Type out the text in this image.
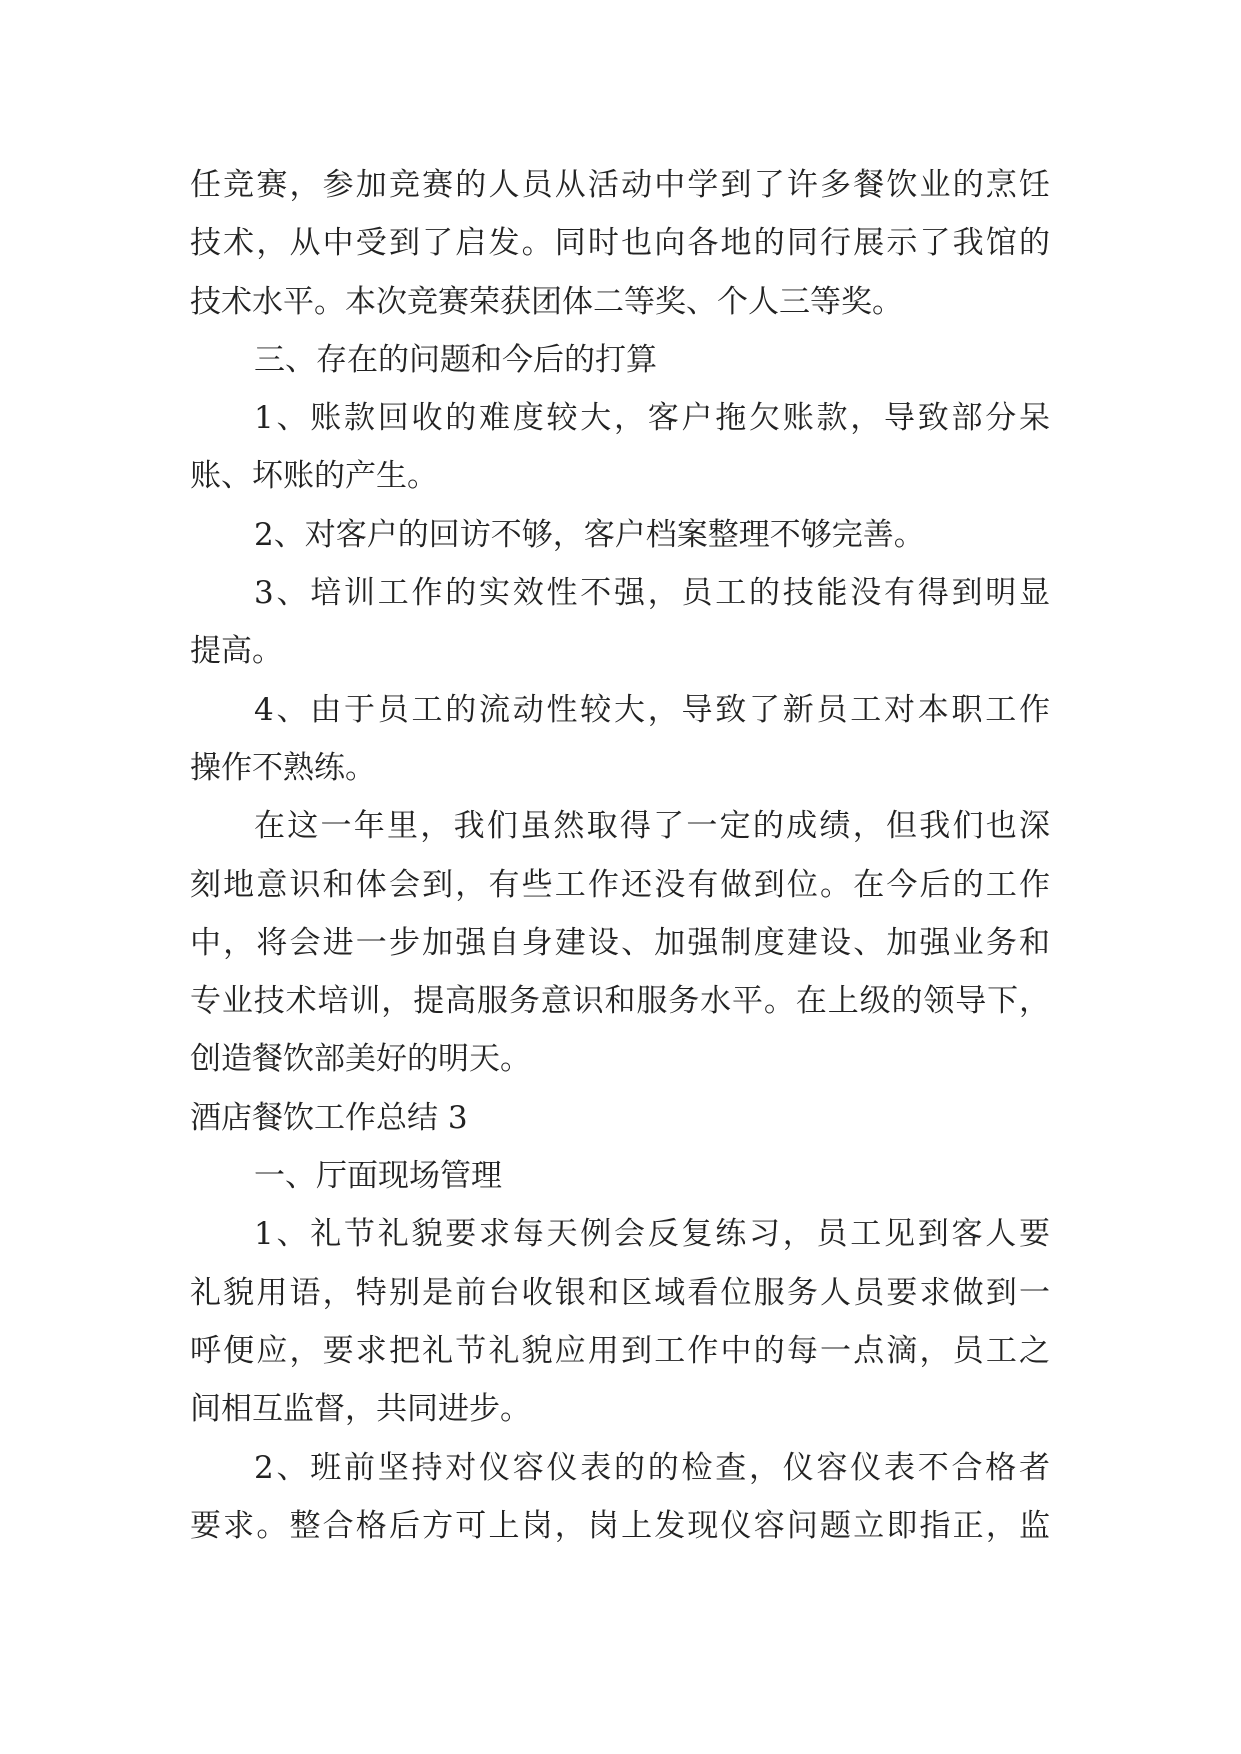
任竞赛，参加竞赛的人员从活动中学到了许多餐饮业的烹饪
技术，从中受到了启发。同时也向各地的同行展示了我馆的
技术水平。本次竞赛荣获团体二等奖、个人三等奖。
三、存在的问题和今后的打算
1、账款回收的难度较大，客户拖欠账款，导致部分呆
账、坏账的产生。
2、对客户的回访不够，客户档案整理不够完善。
3、培训工作的实效性不强，员工的技能没有得到明显
提高。
4、由于员工的流动性较大，导致了新员工对本职工作
操作不熟练。
在这一年里，我们虽然取得了一定的成绩，但我们也深
刻地意识和体会到，有些工作还没有做到位。在今后的工作
中，将会进一步加强自身建设、加强制度建设、加强业务和
专业技术培训，提高服务意识和服务水平。在上级的领导下，
创造餐饮部美好的明天。
酒店餐饮工作总结 3
一、厅面现场管理
1、礼节礼貌要求每天例会反复练习，员工见到客人要
礼貌用语，特别是前台收银和区域看位服务人员要求做到一
呼便应，要求把礼节礼貌应用到工作中的每一点滴，员工之
间相互监督，共同进步。
2、班前坚持对仪容仪表的的检查，仪容仪表不合格者
要求。整合格后方可上岗，岗上发现仪容问题立即指正，监
